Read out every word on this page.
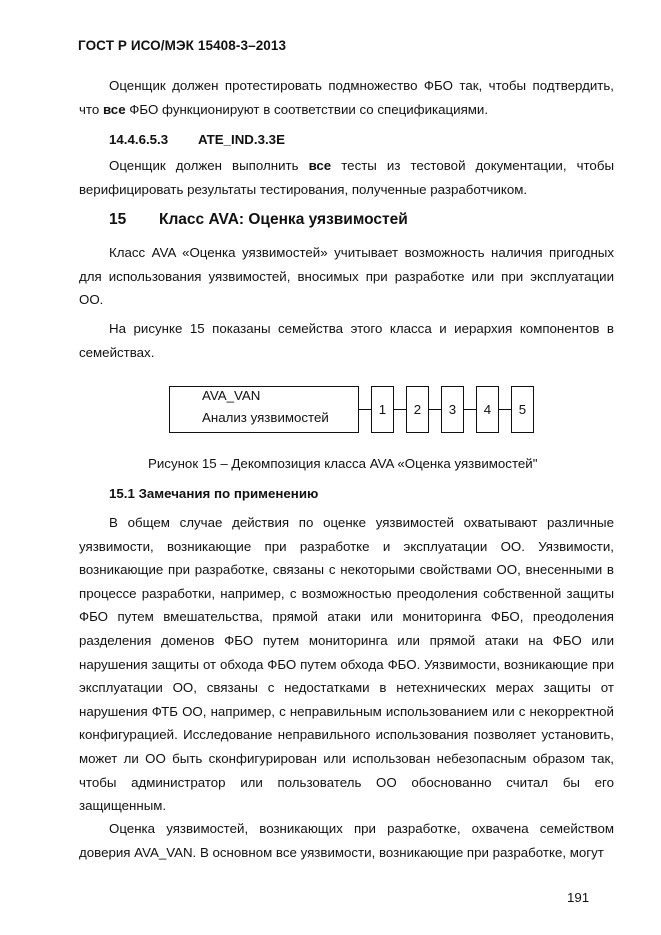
ГОСТ Р ИСО/МЭК 15408-3–2013

Оценщик должен протестировать подмножество ФБО так, чтобы подтвердить, что все ФБО функционируют в соответствии со спецификациями.

14.4.6.5.3 ATE_IND.3.3E

Оценщик должен выполнить все тесты из тестовой документации, чтобы верифицировать результаты тестирования, полученные разработчиком.

15 Класс AVA: Оценка уязвимостей

Класс AVA «Оценка уязвимостей» учитывает возможность наличия пригодных для использования уязвимостей, вносимых при разработке или при эксплуатации ОО.

На рисунке 15 показаны семейства этого класса и иерархия компонентов в семействах.

AVA_VAN
Анализ уязвимостей
1	2	3	4	5
Рисунок 15 – Декомпозиция класса AVA «Оценка уязвимостей"

15.1 Замечания по применению

В общем случае действия по оценке уязвимостей охватывают различные уязвимости, возникающие при разработке и эксплуатации ОО. Уязвимости, возникающие при разработке, связаны с некоторыми свойствами ОО, внесенными в процессе разработки, например, с возможностью преодоления собственной защиты ФБО путем вмешательства, прямой атаки или мониторинга ФБО, преодоления разделения доменов ФБО путем мониторинга или прямой атаки на ФБО или нарушения защиты от обхода ФБО путем обхода ФБО. Уязвимости, возникающие при эксплуатации ОО, связаны с недостатками в нетехнических мерах защиты от нарушения ФТБ ОО, например, с неправильным использованием или с некорректной конфигурацией. Исследование неправильного использования позволяет установить, может ли ОО быть сконфигурирован или использован небезопасным образом так, чтобы администратор или пользователь ОО обоснованно считал бы его защищенным.

Оценка уязвимостей, возникающих при разработке, охвачена семейством доверия AVA_VAN. В основном все уязвимости, возникающие при разработке, могут

191
